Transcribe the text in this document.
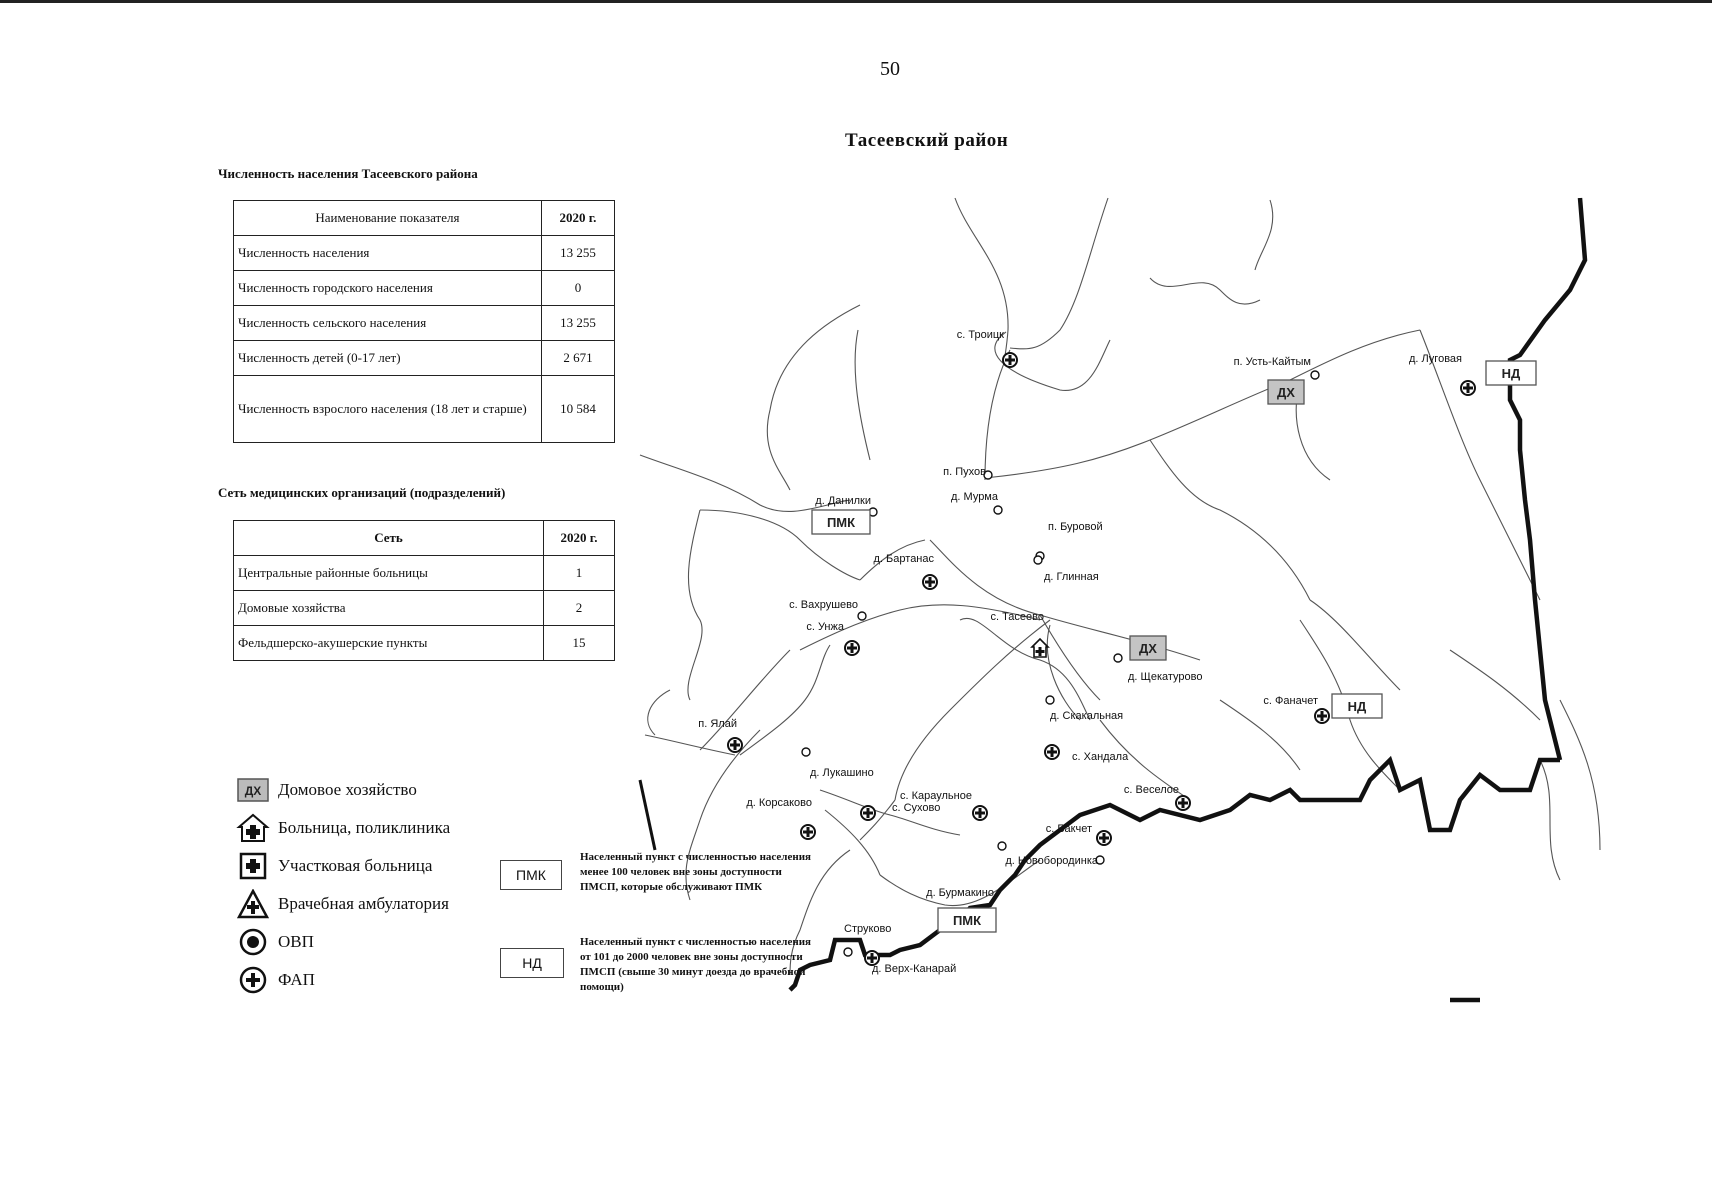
50
Тасеевский район
Численность населения Тасеевского района
Наименование показателя	2020 г.
Численность населения	13 255
Численность городского населения	0
Численность сельского населения	13 255
Численность детей (0-17 лет)	2 671
Численность взрослого населения (18 лет и старше)	10 584
Сеть медицинских организаций (подразделений)
Сеть	2020 г.
Центральные районные больницы	1
Домовые хозяйства	2
Фельдшерско-акушерские пункты	15
с. Троицк
п. Усть-Кайтым	д. Луговая
п. Пухов
д. Данилки	д. Мурма
п. Буровой
д. Бартанас
д. Глинная
с. Вахрушево
с. Унжа
с. Тасеево
д. Щекатурово
с. Фаначет
д. Скакальная
п. Ялай
с. Хандала
д. Лукашино
с. Веселое
с. Караульное
д. Корсаково	с. Сухово
с. Бакчет
д. Новобородинка
д. Бурмакино
Струково
д. Верх-Канарай
ДХ
ДХ
НД
НД
ПМК
ПМК
ДХ Домовое хозяйство
Больница, поликлиника
Участковая больница
Врачебная амбулатория
ОВП
ФАП
ПМК
Населенный пункт с численностью населения менее 100 человек вне зоны доступности ПМСП, которые обслуживают ПМК
НД
Населенный пункт с численностью населения от 101 до 2000 человек вне зоны доступности ПМСП (свыше 30 минут доезда до врачебной помощи)
